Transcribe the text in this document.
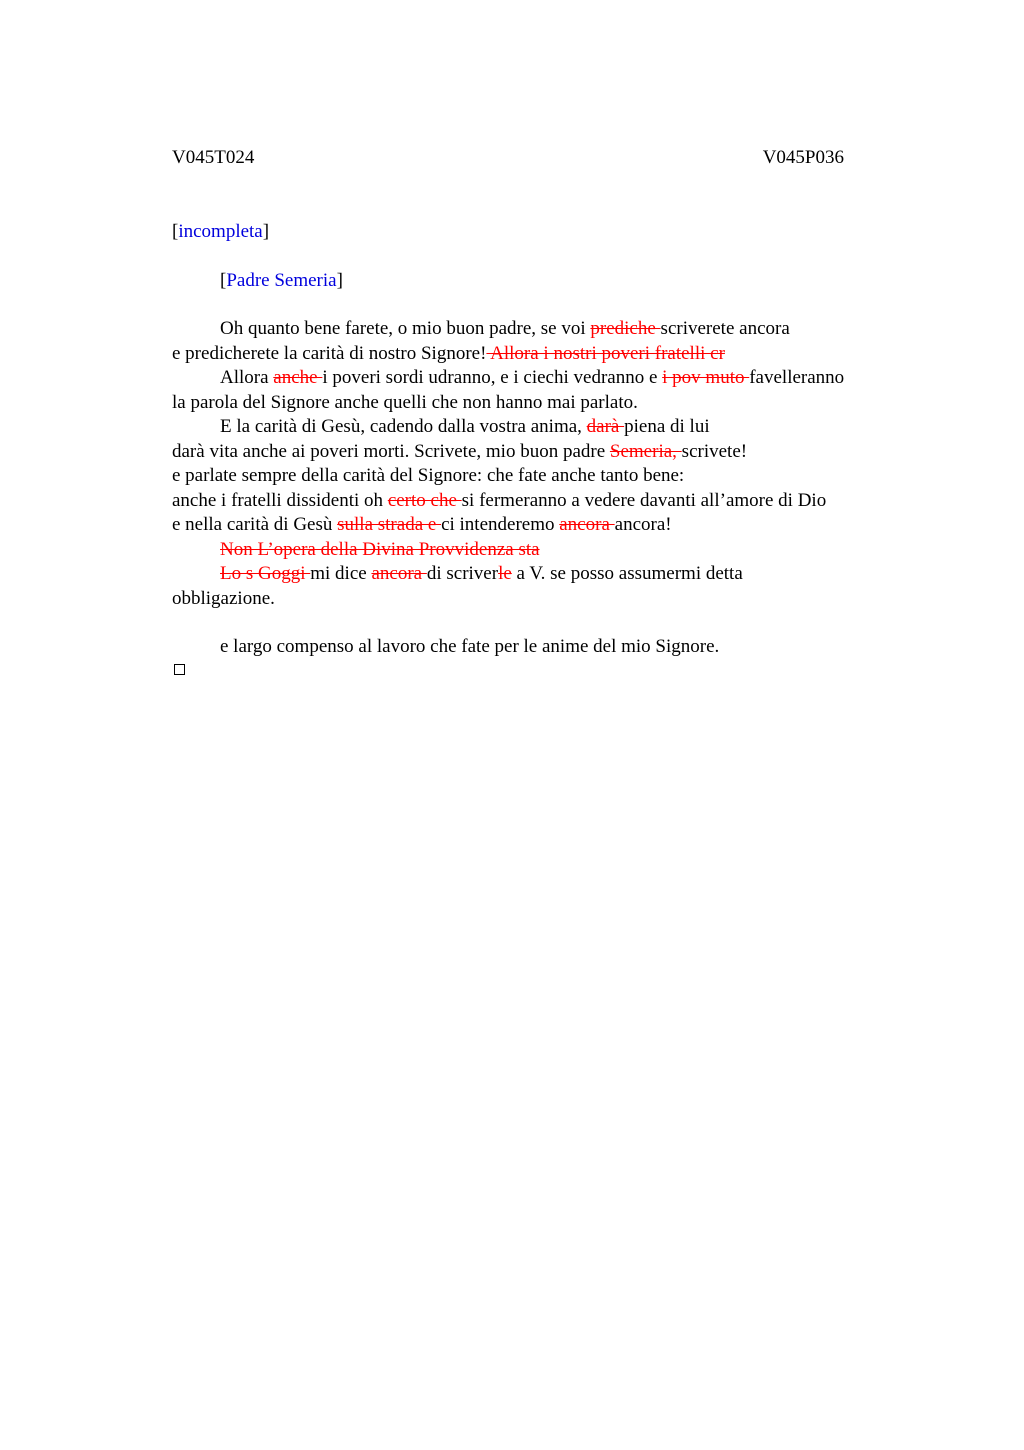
V045T024	V045P036
[incompleta]
[Padre Semeria]
Oh quanto bene farete, o mio buon padre, se voi prediche scriverete ancora
e predicherete la carità di nostro Signore! Allora i nostri poveri fratelli cr
Allora anche i poveri sordi udranno, e i ciechi vedranno e i pov muto favelleranno
la parola del Signore anche quelli che non hanno mai parlato.
E la carità di Gesù, cadendo dalla vostra anima, darà piena di lui
darà vita anche ai poveri morti. Scrivete, mio buon padre Semeria, scrivete!
e parlate sempre della carità del Signore: che fate anche tanto bene:
anche i fratelli dissidenti oh certo che si fermeranno a vedere davanti all’amore di Dio
e nella carità di Gesù sulla strada e ci intenderemo ancora ancora!
Non L’opera della Divina Provvidenza sta
Lo s Goggi mi dice ancora di scriverle a V. se posso assumermi detta
obbligazione.
e largo compenso al lavoro che fate per le anime del mio Signore.
